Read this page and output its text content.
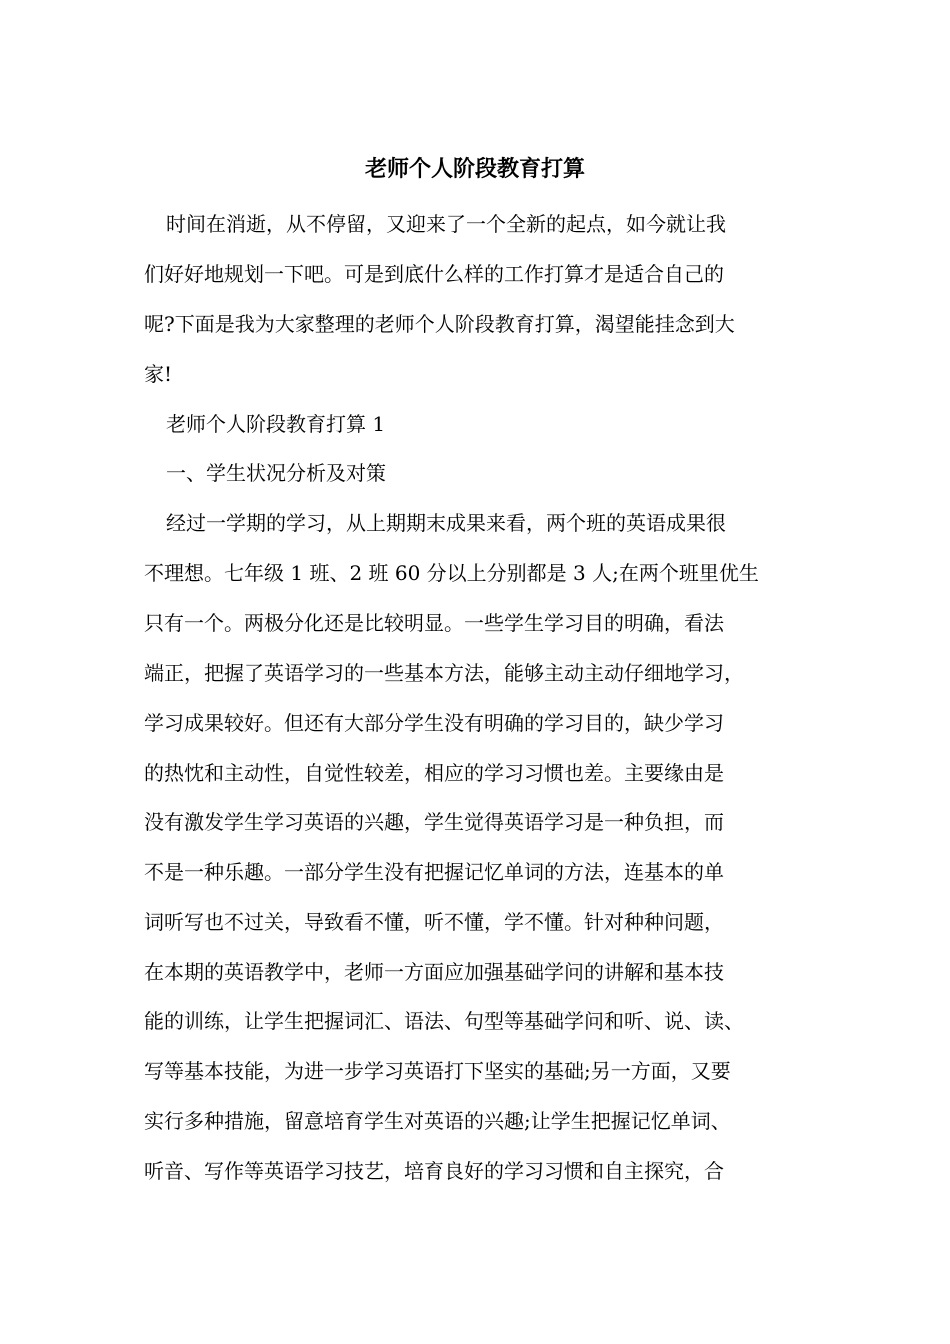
老师个人阶段教育打算
时间在消逝，从不停留，又迎来了一个全新的起点，如今就让我
们好好地规划一下吧。可是到底什么样的工作打算才是适合自己的
呢?下面是我为大家整理的老师个人阶段教育打算，渴望能挂念到大
家!
老师个人阶段教育打算 1
一、学生状况分析及对策
经过一学期的学习，从上期期末成果来看，两个班的英语成果很
不理想。七年级 1 班、2 班 60 分以上分别都是 3 人;在两个班里优生
只有一个。两极分化还是比较明显。一些学生学习目的明确，看法
端正，把握了英语学习的一些基本方法，能够主动主动仔细地学习，
学习成果较好。但还有大部分学生没有明确的学习目的，缺少学习
的热忱和主动性，自觉性较差，相应的学习习惯也差。主要缘由是
没有激发学生学习英语的兴趣，学生觉得英语学习是一种负担，而
不是一种乐趣。一部分学生没有把握记忆单词的方法，连基本的单
词听写也不过关，导致看不懂，听不懂，学不懂。针对种种问题，
在本期的英语教学中，老师一方面应加强基础学问的讲解和基本技
能的训练，让学生把握词汇、语法、句型等基础学问和听、说、读、
写等基本技能，为进一步学习英语打下坚实的基础;另一方面，又要
实行多种措施，留意培育学生对英语的兴趣;让学生把握记忆单词、
听音、写作等英语学习技艺，培育良好的学习习惯和自主探究，合
